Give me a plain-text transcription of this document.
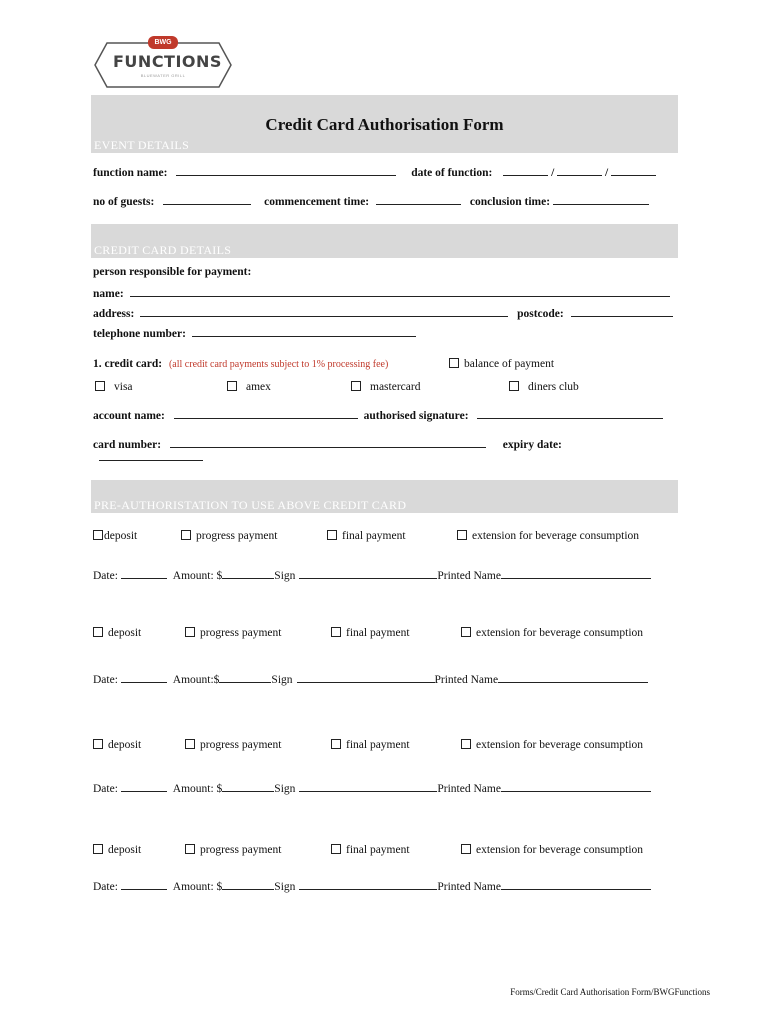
BWG
FUNCTIONS
BLUEWATER GRILL
Credit Card Authorisation Form
EVENT DETAILS
function name:	date of function:	/	/
no of guests:	commencement time:	conclusion time:
CREDIT CARD DETAILS
person responsible for payment:
name:
address:	postcode:
telephone number:
1. credit card: (all credit card payments subject to 1% processing fee)	balance of payment
visa	amex	mastercard	diners club
account name:	authorised signature:
card number:	expiry date:
PRE-AUTHORISTATION TO USE ABOVE CREDIT CARD
deposit	progress payment	final payment	extension for beverage consumption
Date:	Amount: $	Sign	Printed Name
deposit	progress payment	final payment	extension for beverage consumption
Date:	Amount:$	Sign	Printed Name
deposit	progress payment	final payment	extension for beverage consumption
Date:	Amount: $	Sign	Printed Name
deposit	progress payment	final payment	extension for beverage consumption
Date:	Amount: $	Sign	Printed Name
Forms/Credit Card Authorisation Form/BWGFunctions
